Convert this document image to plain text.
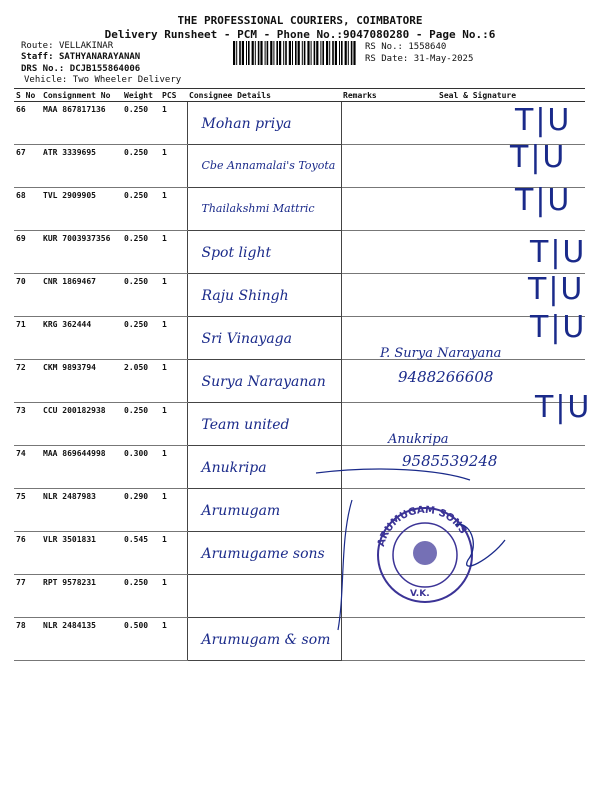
THE PROFESSIONAL COURIERS, COIMBATORE
Delivery Runsheet - PCM - Phone No.:9047080280 - Page No.:6
Route: VELLAKINAR
Staff: SATHYANARAYANAN
DRS No.: DCJB155864006
Vehicle: Two Wheeler Delivery
RS No.: 1558640
RS Date: 31-May-2025
S No	Consignment No	Weight	PCS	Consignee Details	Remarks	Seal & Signature
66	MAA 867817136	0.250	1	Mohan priya		

67	ATR 3339695	0.250	1	Cbe Annamalai's Toyota		

68	TVL 2909905	0.250	1	Thailakshmi Mattric		

69	KUR 7003937356	0.250	1	Spot light		

70	CNR 1869467	0.250	1	Raju Shingh		

71	KRG 362444	0.250	1	Sri Vinayaga		

72	CKM 9893794	2.050	1	Surya Narayanan		

73	CCU 200182938	0.250	1	Team united		

74	MAA 869644998	0.300	1	Anukripa		

75	NLR 2487983	0.290	1	Arumugam		

76	VLR 3501831	0.545	1	Arumugame sons		

77	RPT 9578231	0.250	1	

78	NLR 2484135	0.500	1	Arumugam & som		

P. Surya Narayana
9488266608
Anukripa
9585539248
T|U
T|U
T|U
T|U
T|U
T|U
T|U
ARUMUGAM SONS
V.K.
